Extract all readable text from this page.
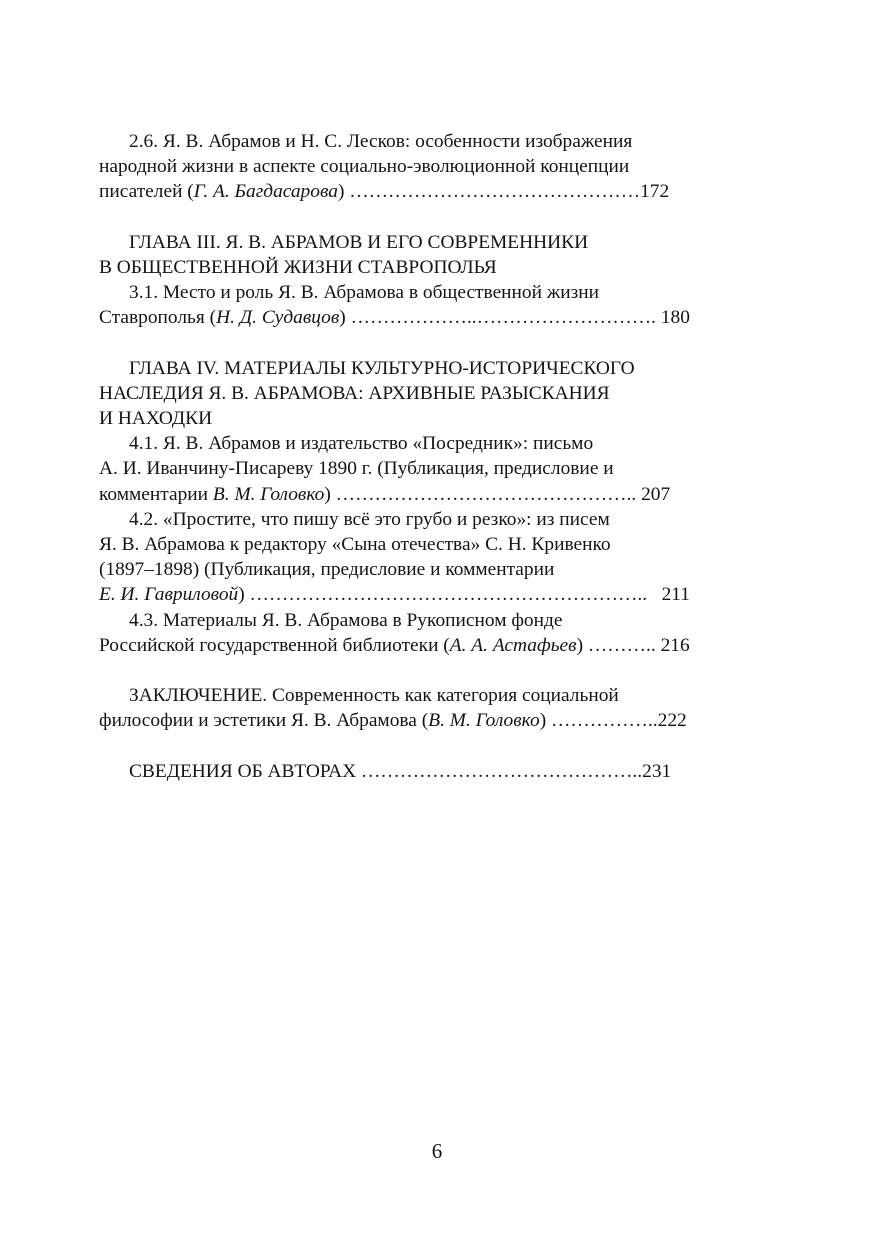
2.6. Я. В. Абрамов и Н. С. Лесков: особенности изображения
народной жизни в аспекте социально-эволюционной концепции
писателей (Г. А. Багдасарова) ………………………………………172
ГЛАВА III. Я. В. АБРАМОВ И ЕГО СОВРЕМЕННИКИ
В ОБЩЕСТВЕННОЙ ЖИЗНИ СТАВРОПОЛЬЯ
3.1. Место и роль Я. В. Абрамова в общественной жизни
Ставрополья (Н. Д. Судавцов) ………………..………………………. 180
ГЛАВА IV. МАТЕРИАЛЫ КУЛЬТУРНО-ИСТОРИЧЕСКОГО
НАСЛЕДИЯ Я. В. АБРАМОВА: АРХИВНЫЕ РАЗЫСКАНИЯ
И НАХОДКИ
4.1. Я. В. Абрамов и издательство «Посредник»: письмо
А. И. Иванчину-Писареву 1890 г. (Публикация, предисловие и
комментарии В. М. Головко) ……………………………………….. 207
4.2. «Простите, что пишу всё это грубо и резко»: из писем
Я. В. Абрамова к редактору «Сына отечества» С. Н. Кривенко
(1897–1898) (Публикация, предисловие и комментарии
Е. И. Гавриловой) ……………………………………………………..   211
4.3. Материалы Я. В. Абрамова в Рукописном фонде
Российской государственной библиотеки (А. А. Астафьев) ……….. 216
ЗАКЛЮЧЕНИЕ. Современность как категория социальной
философии и эстетики Я. В. Абрамова (В. М. Головко) ……………..222
СВЕДЕНИЯ ОБ АВТОРАХ ……………………………………..231
6
